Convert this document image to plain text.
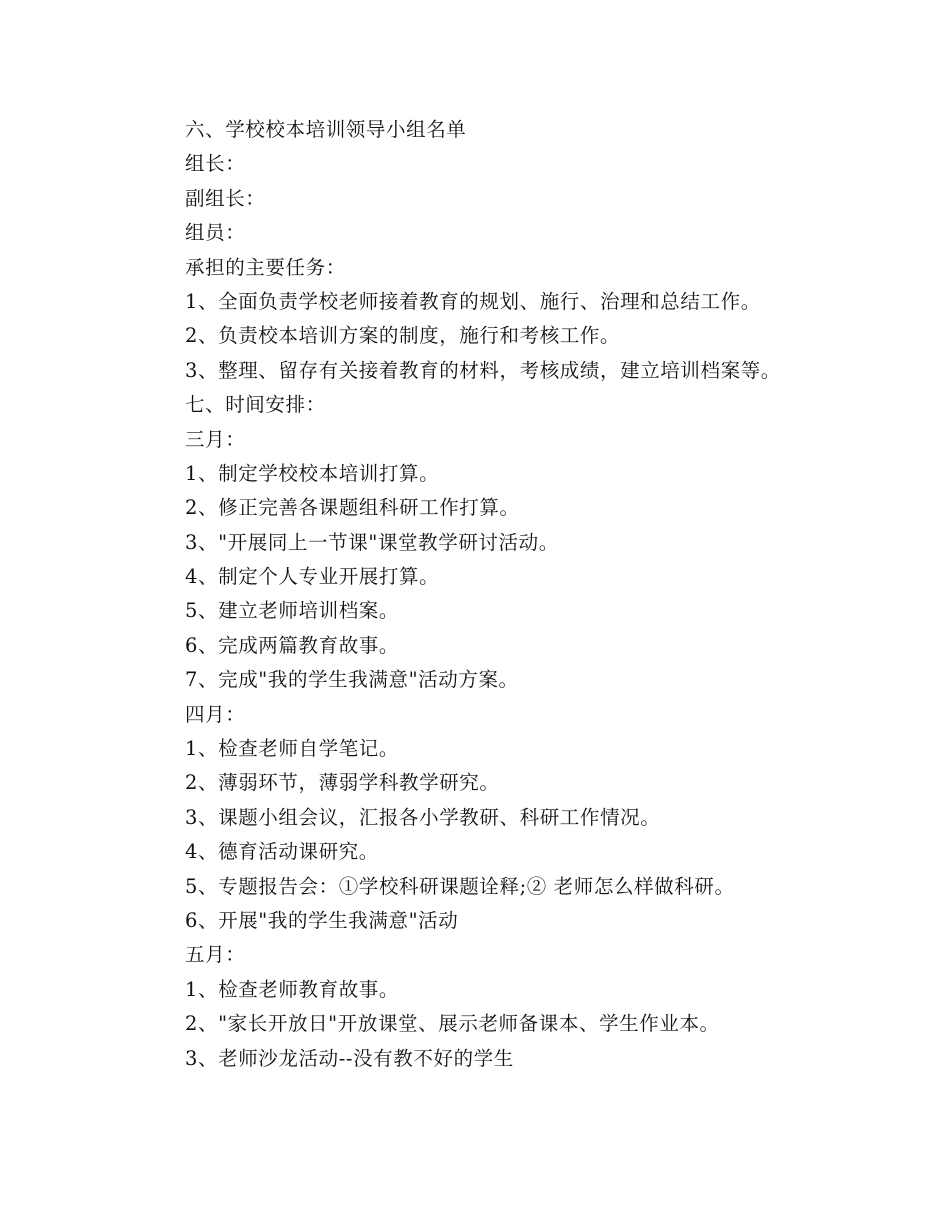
六、学校校本培训领导小组名单
组长：
副组长：
组员：
承担的主要任务：
1、全面负责学校老师接着教育的规划、施行、治理和总结工作。
2、负责校本培训方案的制度，施行和考核工作。
3、整理、留存有关接着教育的材料，考核成绩，建立培训档案等。
七、时间安排：
三月：
1、制定学校校本培训打算。
2、修正完善各课题组科研工作打算。
3、"开展同上一节课"课堂教学研讨活动。
4、制定个人专业开展打算。
5、建立老师培训档案。
6、完成两篇教育故事。
7、完成"我的学生我满意"活动方案。
四月：
1、检查老师自学笔记。
2、薄弱环节，薄弱学科教学研究。
3、课题小组会议，汇报各小学教研、科研工作情况。
4、德育活动课研究。
5、专题报告会：①学校科研课题诠释;② 老师怎么样做科研。
6、开展"我的学生我满意"活动
五月：
1、检查老师教育故事。
2、"家长开放日"开放课堂、展示老师备课本、学生作业本。
3、老师沙龙活动--没有教不好的学生
